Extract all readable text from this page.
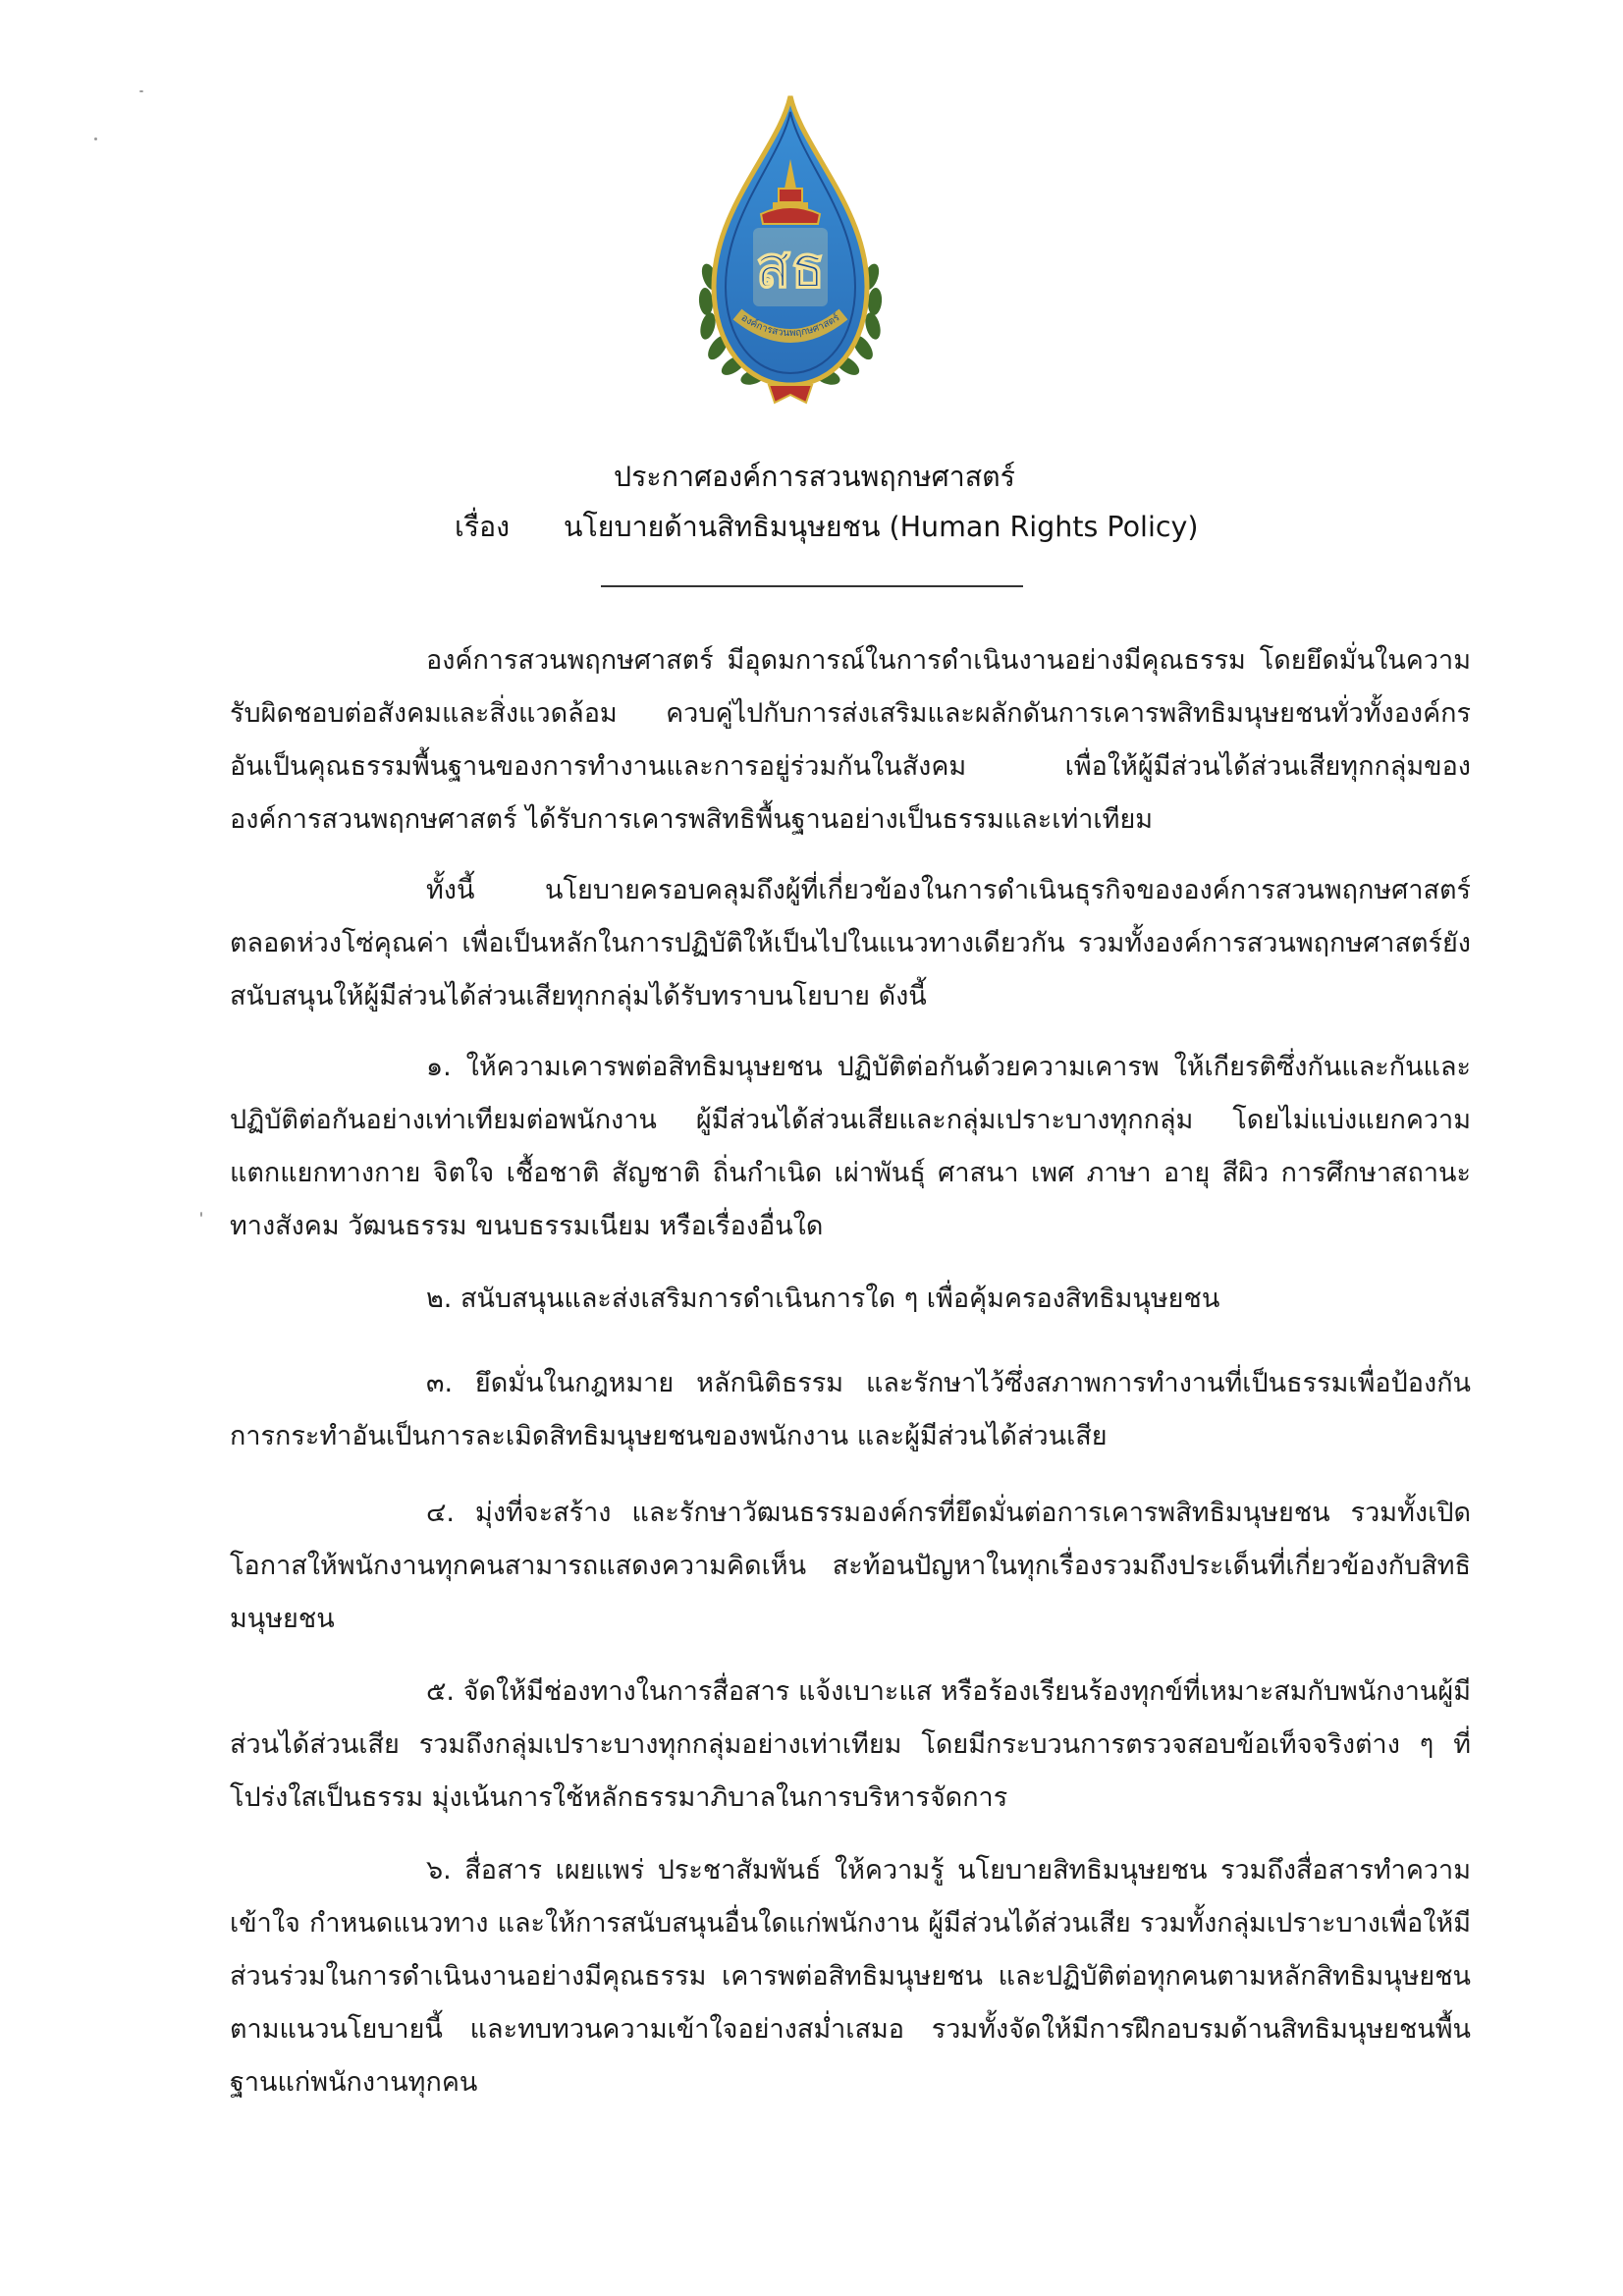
สธ
องค์การสวนพฤกษศาสตร์
ประกาศองค์การสวนพฤกษศาสตร์
เรื่อง นโยบายด้านสิทธิมนุษยชน (Human Rights Policy)
องค์การสวนพฤกษศาสตร์ มีอุดมการณ์ในการดำเนินงานอย่างมีคุณธรรม โดยยึดมั่นในความรับผิดชอบต่อสังคมและสิ่งแวดล้อม ควบคู่ไปกับการส่งเสริมและผลักดันการเคารพสิทธิมนุษยชนทั่วทั้งองค์กร อันเป็นคุณธรรมพื้นฐานของการทำงานและการอยู่ร่วมกันในสังคม เพื่อให้ผู้มีส่วนได้ส่วนเสียทุกกลุ่มขององค์การสวนพฤกษศาสตร์ ได้รับการเคารพสิทธิพื้นฐานอย่างเป็นธรรมและเท่าเทียม
ทั้งนี้ นโยบายครอบคลุมถึงผู้ที่เกี่ยวข้องในการดำเนินธุรกิจขององค์การสวนพฤกษศาสตร์ตลอดห่วงโซ่คุณค่า เพื่อเป็นหลักในการปฏิบัติให้เป็นไปในแนวทางเดียวกัน รวมทั้งองค์การสวนพฤกษศาสตร์ยังสนับสนุนให้ผู้มีส่วนได้ส่วนเสียทุกกลุ่มได้รับทราบนโยบาย ดังนี้
๑. ให้ความเคารพต่อสิทธิมนุษยชน ปฏิบัติต่อกันด้วยความเคารพ ให้เกียรติซึ่งกันและกันและปฏิบัติต่อกันอย่างเท่าเทียมต่อพนักงาน ผู้มีส่วนได้ส่วนเสียและกลุ่มเปราะบางทุกกลุ่ม โดยไม่แบ่งแยกความแตกแยกทางกาย จิตใจ เชื้อชาติ สัญชาติ ถิ่นกำเนิด เผ่าพันธุ์ ศาสนา เพศ ภาษา อายุ สีผิว การศึกษาสถานะทางสังคม วัฒนธรรม ขนบธรรมเนียม หรือเรื่องอื่นใด
๒. สนับสนุนและส่งเสริมการดำเนินการใด ๆ เพื่อคุ้มครองสิทธิมนุษยชน
๓. ยึดมั่นในกฎหมาย หลักนิติธรรม และรักษาไว้ซึ่งสภาพการทำงานที่เป็นธรรมเพื่อป้องกันการกระทำอันเป็นการละเมิดสิทธิมนุษยชนของพนักงาน และผู้มีส่วนได้ส่วนเสีย
๔. มุ่งที่จะสร้าง และรักษาวัฒนธรรมองค์กรที่ยึดมั่นต่อการเคารพสิทธิมนุษยชน รวมทั้งเปิดโอกาสให้พนักงานทุกคนสามารถแสดงความคิดเห็น สะท้อนปัญหาในทุกเรื่องรวมถึงประเด็นที่เกี่ยวข้องกับสิทธิมนุษยชน
๕. จัดให้มีช่องทางในการสื่อสาร แจ้งเบาะแส หรือร้องเรียนร้องทุกข์ที่เหมาะสมกับพนักงานผู้มีส่วนได้ส่วนเสีย รวมถึงกลุ่มเปราะบางทุกกลุ่มอย่างเท่าเทียม โดยมีกระบวนการตรวจสอบข้อเท็จจริงต่าง ๆ ที่โปร่งใสเป็นธรรม มุ่งเน้นการใช้หลักธรรมาภิบาลในการบริหารจัดการ
๖. สื่อสาร เผยแพร่ ประชาสัมพันธ์ ให้ความรู้ นโยบายสิทธิมนุษยชน รวมถึงสื่อสารทำความเข้าใจ กำหนดแนวทาง และให้การสนับสนุนอื่นใดแก่พนักงาน ผู้มีส่วนได้ส่วนเสีย รวมทั้งกลุ่มเปราะบางเพื่อให้มีส่วนร่วมในการดำเนินงานอย่างมีคุณธรรม เคารพต่อสิทธิมนุษยชน และปฏิบัติต่อทุกคนตามหลักสิทธิมนุษยชนตามแนวนโยบายนี้ และทบทวนความเข้าใจอย่างสม่ำเสมอ รวมทั้งจัดให้มีการฝึกอบรมด้านสิทธิมนุษยชนพื้นฐานแก่พนักงานทุกคน
